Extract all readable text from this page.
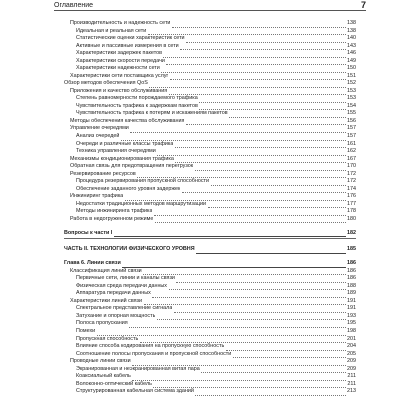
Оглавление	7
Производительность и надежность сети	138
Идеальная и реальная сети	138
Статистические оценки характеристик сети	140
Активные и пассивные измерения в сети	143
Характеристики задержек пакетов	146
Характеристики скорости передачи	149
Характеристики надежности сети	150
Характеристики сети поставщика услуг	151
Обзор методов обеспечения QoS	152
Приложения и качество обслуживания	153
Степень равномерности порождаемого трафика	153
Чувствительность трафика к задержкам пакетов	154
Чувствительность трафика к потерям и искажениям пакетов	155
Методы обеспечения качества обслуживания	156
Управление очередями	157
Анализ очередей	157
Очереди и различные классы трафика	161
Техника управления очередями	162
Механизмы кондиционирования трафика	167
Обратная связь для предотвращения перегрузок	170
Резервирование ресурсов	172
Процедура резервирования пропускной способности	172
Обеспечение заданного уровня задержек	174
Инжиниринг трафика	176
Недостатки традиционных методов маршрутизации	177
Методы инжиниринга трафика	178
Работа в недогруженном режиме	180
Вопросы к части I	182
ЧАСТЬ II. ТЕХНОЛОГИИ ФИЗИЧЕСКОГО УРОВНЯ	185
Глава 6. Линии связи	186
Классификация линий связи	186
Первичные сети, линии и каналы связи	186
Физическая среда передачи данных	188
Аппаратура передачи данных	189
Характеристики линий связи	191
Спектральное представление сигнала	191
Затухание и опорная мощность	193
Полоса пропускания	195
Помехи	198
Пропускная способность	201
Влияние способа кодирования на пропускную способность	204
Соотношение полосы пропускания и пропускной способности	205
Проводные линии связи	209
Экранированная и неэкранированная витая пара	209
Коаксиальный кабель	211
Волоконно-оптический кабель	211
Структурированная кабельная система зданий	213
